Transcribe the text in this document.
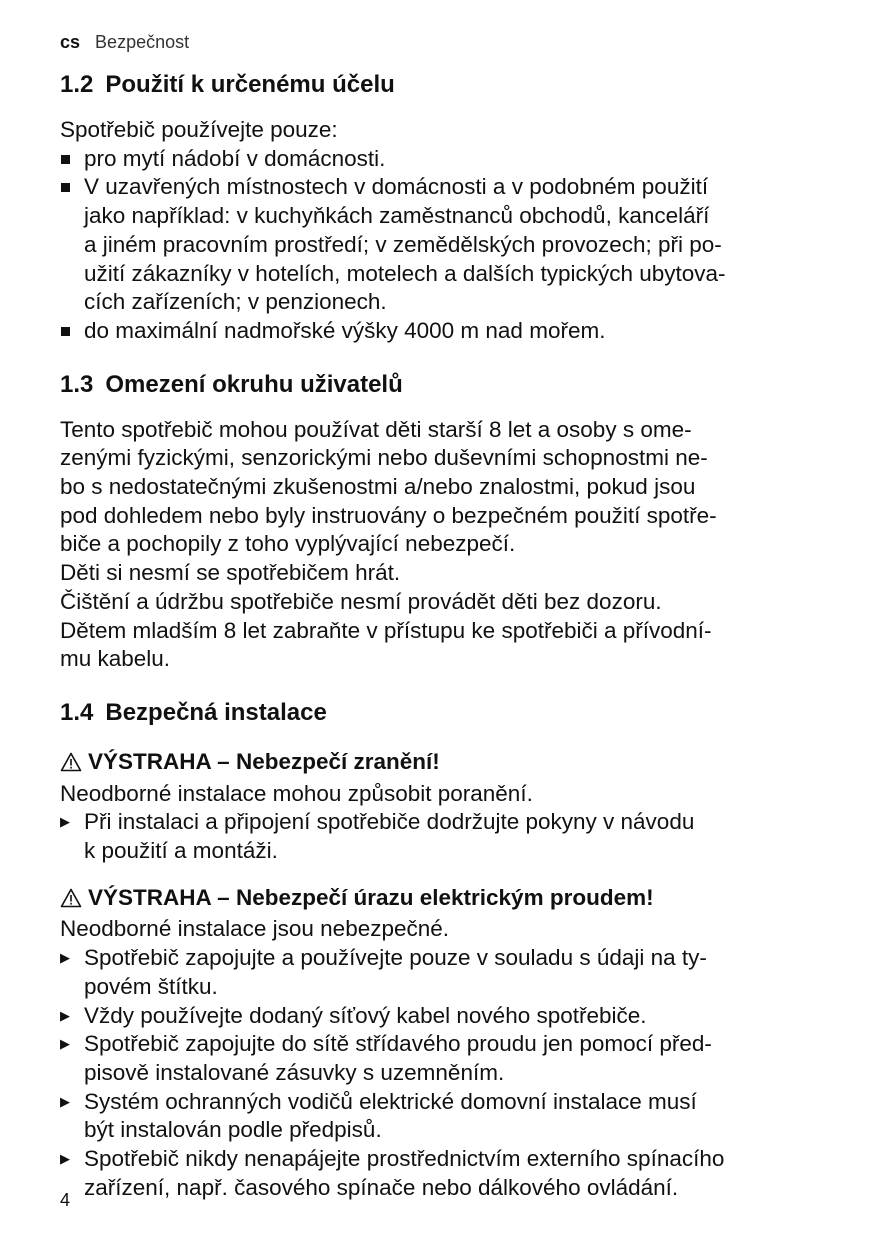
cs Bezpečnost
1.2 Použití k určenému účelu

Spotřebič používejte pouze:

pro mytí nádobí v domácnosti.
V uzavřených místnostech v domácnosti a v podobném použití
jako například: v kuchyňkách zaměstnanců obchodů, kanceláří
a jiném pracovním prostředí; v zemědělských provozech; při po-
užití zákazníky v hotelích, motelech a dalších typických ubytova-
cích zařízeních; v penzionech.
do maximální nadmořské výšky 4000 m nad mořem.
1.3 Omezení okruhu uživatelů

Tento spotřebič mohou používat děti starší 8 let a osoby s ome-
zenými fyzickými, senzorickými nebo duševními schopnostmi ne-
bo s nedostatečnými zkušenostmi a/nebo znalostmi, pokud jsou
pod dohledem nebo byly instruovány o bezpečném použití spotře-
biče a pochopily z toho vyplývající nebezpečí.
Děti si nesmí se spotřebičem hrát.
Čištění a údržbu spotřebiče nesmí provádět děti bez dozoru.
Dětem mladším 8 let zabraňte v přístupu ke spotřebiči a přívodní-
mu kabelu.

1.4 Bezpečná instalace
VÝSTRAHA – Nebezpečí zranění!

Neodborné instalace mohou způsobit poranění.

▶ Při instalaci a připojení spotřebiče dodržujte pokyny v návodu
k použití a montáži.
VÝSTRAHA – Nebezpečí úrazu elektrickým proudem!

Neodborné instalace jsou nebezpečné.

▶ Spotřebič zapojujte a používejte pouze v souladu s údaji na ty-
povém štítku.
▶ Vždy používejte dodaný síťový kabel nového spotřebiče.
▶ Spotřebič zapojujte do sítě střídavého proudu jen pomocí před-
pisově instalované zásuvky s uzemněním.
▶ Systém ochranných vodičů elektrické domovní instalace musí
být instalován podle předpisů.
▶ Spotřebič nikdy nenapájejte prostřednictvím externího spínacího
zařízení, např. časového spínače nebo dálkového ovládání.
4
